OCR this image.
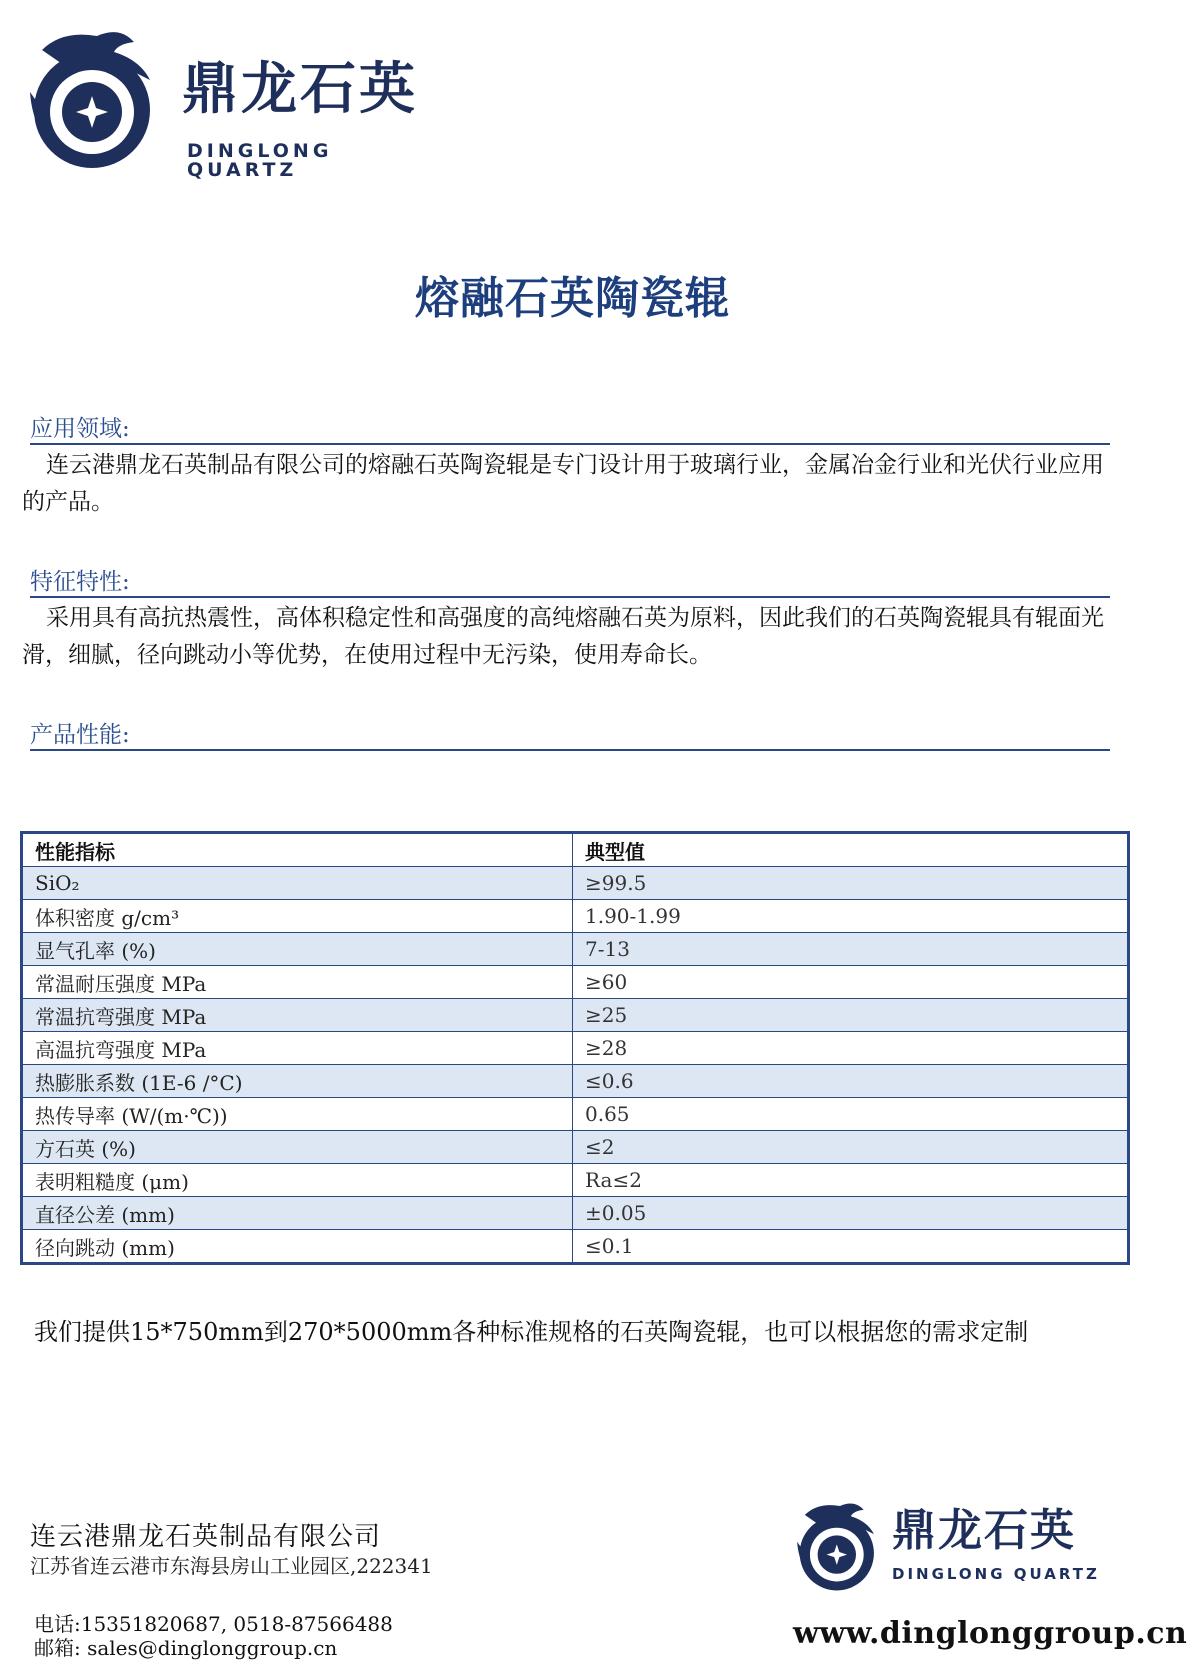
鼎龙石英
DINGLONG QUARTZ
熔融石英陶瓷辊
应用领域:
连云港鼎龙石英制品有限公司的熔融石英陶瓷辊是专门设计用于玻璃行业，金属冶金行业和光伏行业应用的产品。
特征特性:
采用具有高抗热震性，高体积稳定性和高强度的高纯熔融石英为原料，因此我们的石英陶瓷辊具有辊面光滑，细腻，径向跳动小等优势，在使用过程中无污染，使用寿命长。
产品性能:
性能指标	典型值
SiO₂	≥99.5
体积密度 g/cm³	1.90-1.99
显气孔率 (%)	7-13
常温耐压强度 MPa	≥60
常温抗弯强度 MPa	≥25
高温抗弯强度 MPa	≥28
热膨胀系数 (1E-6 /°C)	≤0.6
热传导率 (W/(m·℃))	0.65
方石英 (%)	≤2
表明粗糙度 (μm)	Ra≤2
直径公差 (mm)	±0.05
径向跳动 (mm)	≤0.1
我们提供15*750mm到270*5000mm各种标准规格的石英陶瓷辊，也可以根据您的需求定制
连云港鼎龙石英制品有限公司
江苏省连云港市东海县房山工业园区,222341
电话:15351820687, 0518-87566488
邮箱: sales@dinglonggroup.cn
鼎龙石英
DINGLONG QUARTZ
www.dinglonggroup.cn
